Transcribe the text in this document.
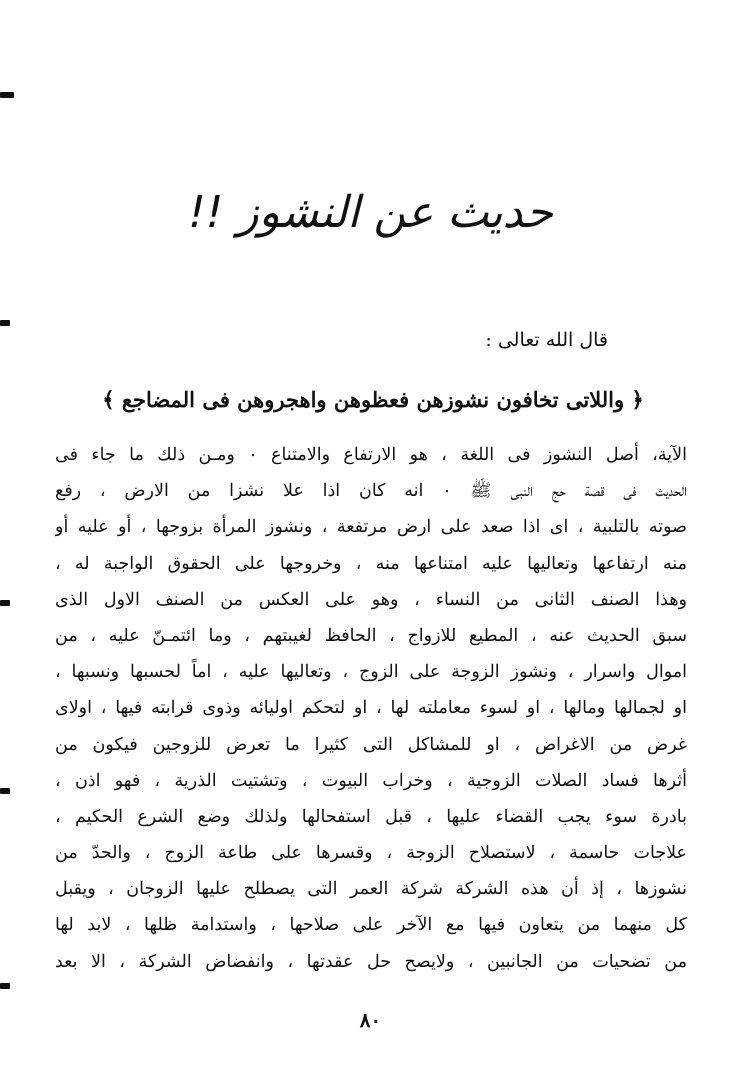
حديث عن النشوز !!
قال الله تعالى :
﴿ واللاتى تخافون نشوزهن فعظوهن واهجروهن فى المضاجع ﴾
الآية، أصل النشوز فى اللغة ، هو الارتفاع والامتناع ٠ ومـن ذلك ما جاء فى
الحديث فى قصة حج النبى ﷺ ٠ انه كان اذا علا نشزا من الارض ، رفع
صوته بالتلبية ، اى اذا صعد على ارض مرتفعة ، ونشوز المرأة بزوجها ، أو عليه أو
منه ارتفاعها وتعاليها عليه امتناعها منه ، وخروجها على الحقوق الواجبة له ،
وهذا الصنف الثانى من النساء ، وهو على العكس من الصنف الاول الذى
سبق الحديث عنه ، المطيع للازواج ، الحافظ لغيبتهم ، وما ائتمـنّ عليه ، من
اموال واسرار ، ونشوز الزوجة على الزوج ، وتعاليها عليه ، اماً لحسبها ونسبها ،
او لجمالها ومالها ، او لسوء معاملته لها ، او لتحكم اوليائه وذوى قرابته فيها ، اولاى
غرض من الاغراض ، او للمشاكل التى كثيرا ما تعرض للزوجين فيكون من
أثرها فساد الصلات الزوجية ، وخراب البيوت ، وتشتيت الذرية ، فهو اذن ،
بادرة سوء يجب القضاء عليها ، قبل استفحالها ولذلك وضع الشرع الحكيم ،
علاجات حاسمة ، لاستصلاح الزوجة ، وقسرها على طاعة الزوج ، والحدّ من
نشوزها ، إذ أن هذه الشركة شركة العمر التى يصطلح عليها الزوجان ، ويقبل
كل منهما من يتعاون فيها مع الآخر على صلاحها ، واستدامة ظلها ، لابد لها
من تضحيات من الجانبين ، ولايصح حل عقدتها ، وانفضاض الشركة ، الا بعد
٨٠
